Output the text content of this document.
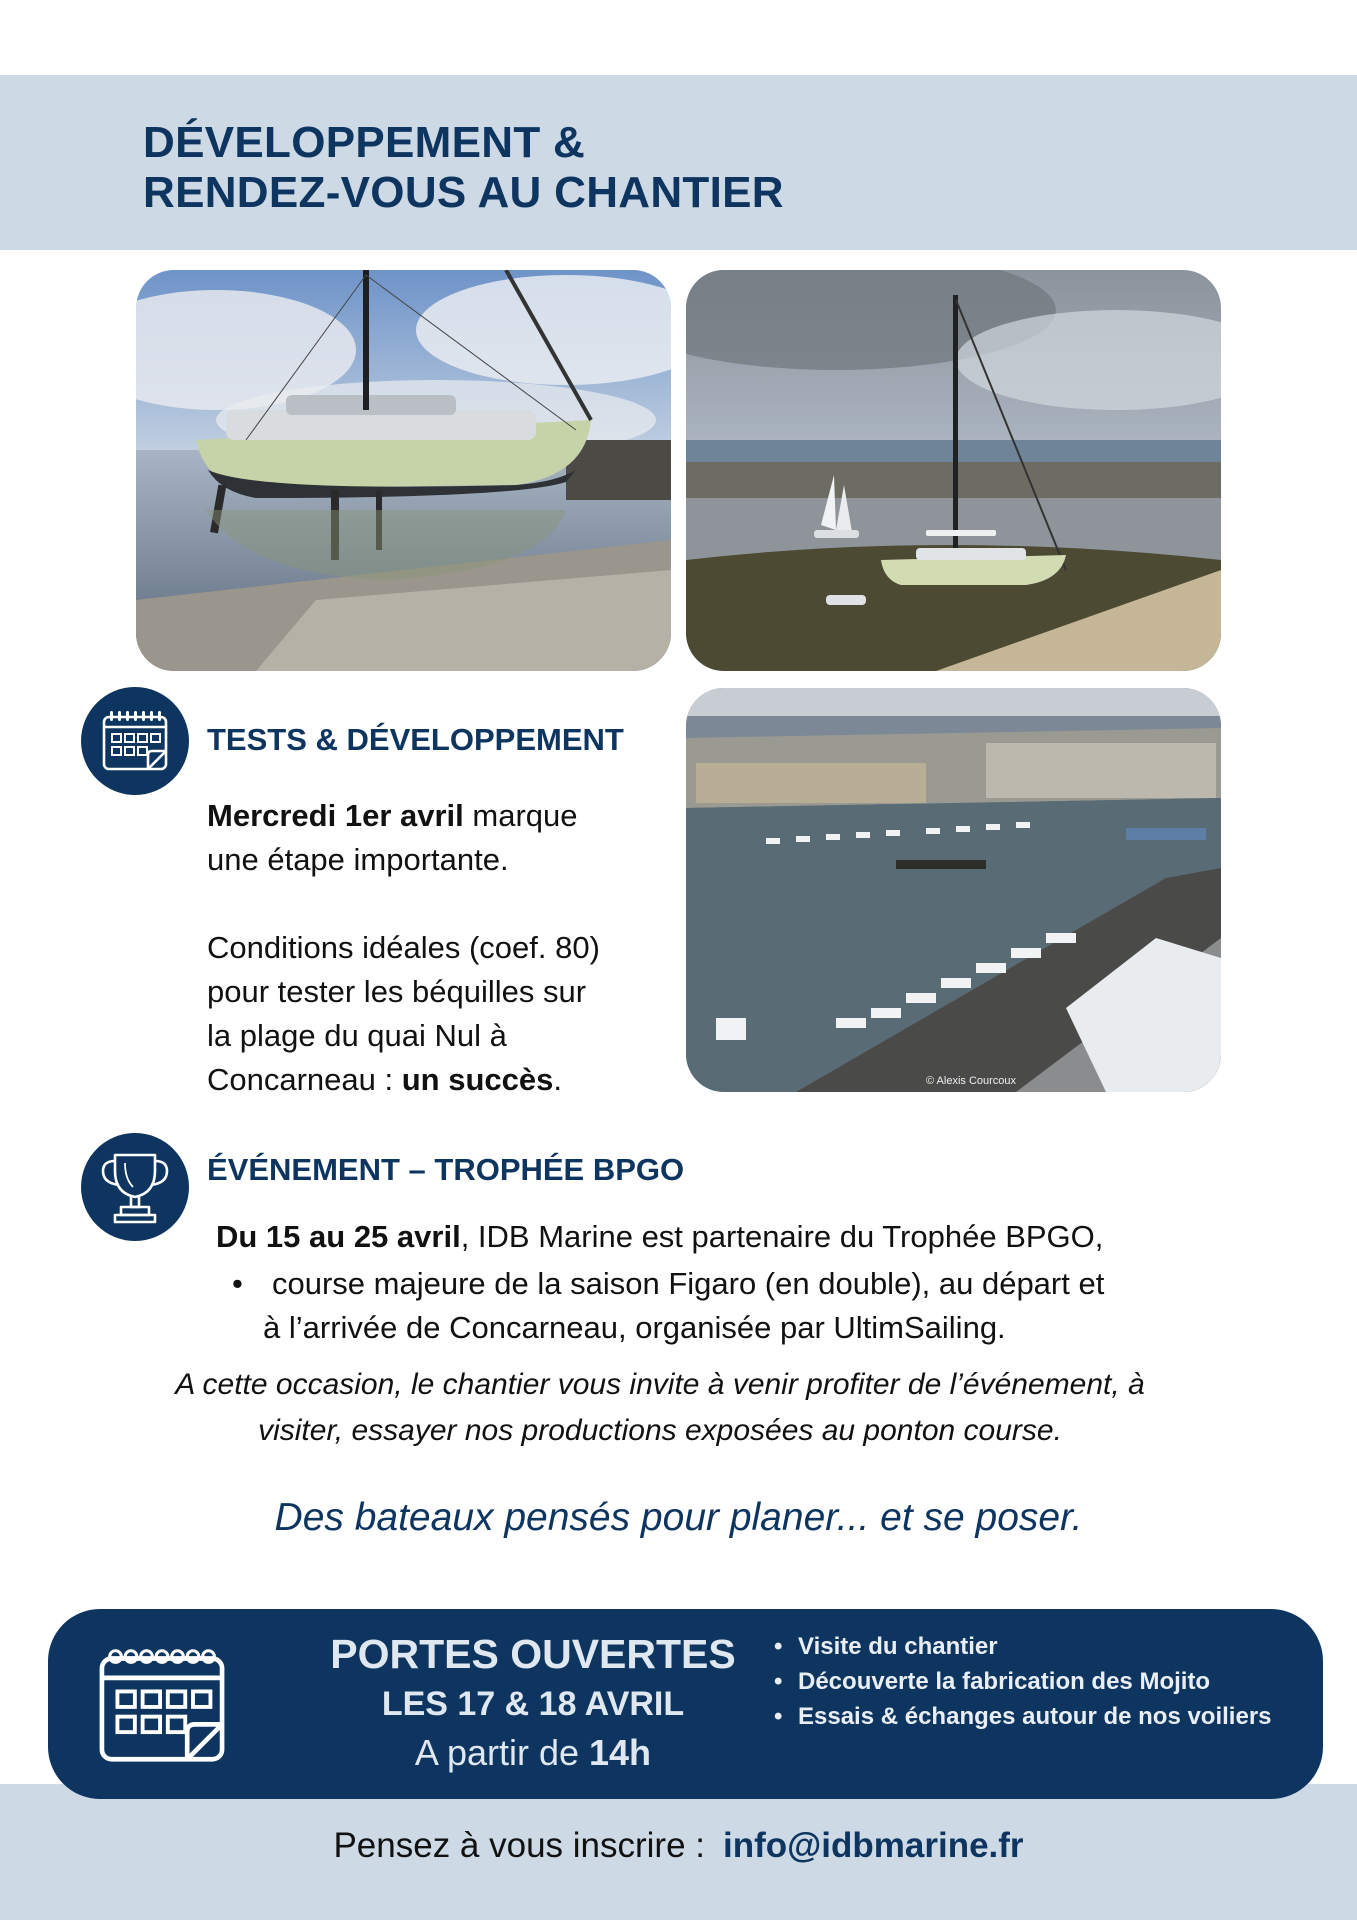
DÉVELOPPEMENT &
RENDEZ-VOUS AU CHANTIER
© Alexis Courcoux
TESTS & DÉVELOPPEMENT
Mercredi 1er avril marque
une étape importante.
Conditions idéales (coef. 80)
pour tester les béquilles sur
la plage du quai Nul à
Concarneau : un succès.
ÉVÉNEMENT – TROPHÉE BPGO
Du 15 au 25 avril, IDB Marine est partenaire du Trophée BPGO,
• course majeure de la saison Figaro (en double), au départ et
à l’arrivée de Concarneau, organisée par UltimSailing.
A cette occasion, le chantier vous invite à venir profiter de l’événement, à
visiter, essayer nos productions exposées au ponton course.
Des bateaux pensés pour planer... et se poser.
Pensez à vous inscrire : info@idbmarine.fr
PORTES OUVERTES
LES 17 & 18 AVRIL
A partir de 14h
• Visite du chantier
• Découverte la fabrication des Mojito
• Essais & échanges autour de nos voiliers
